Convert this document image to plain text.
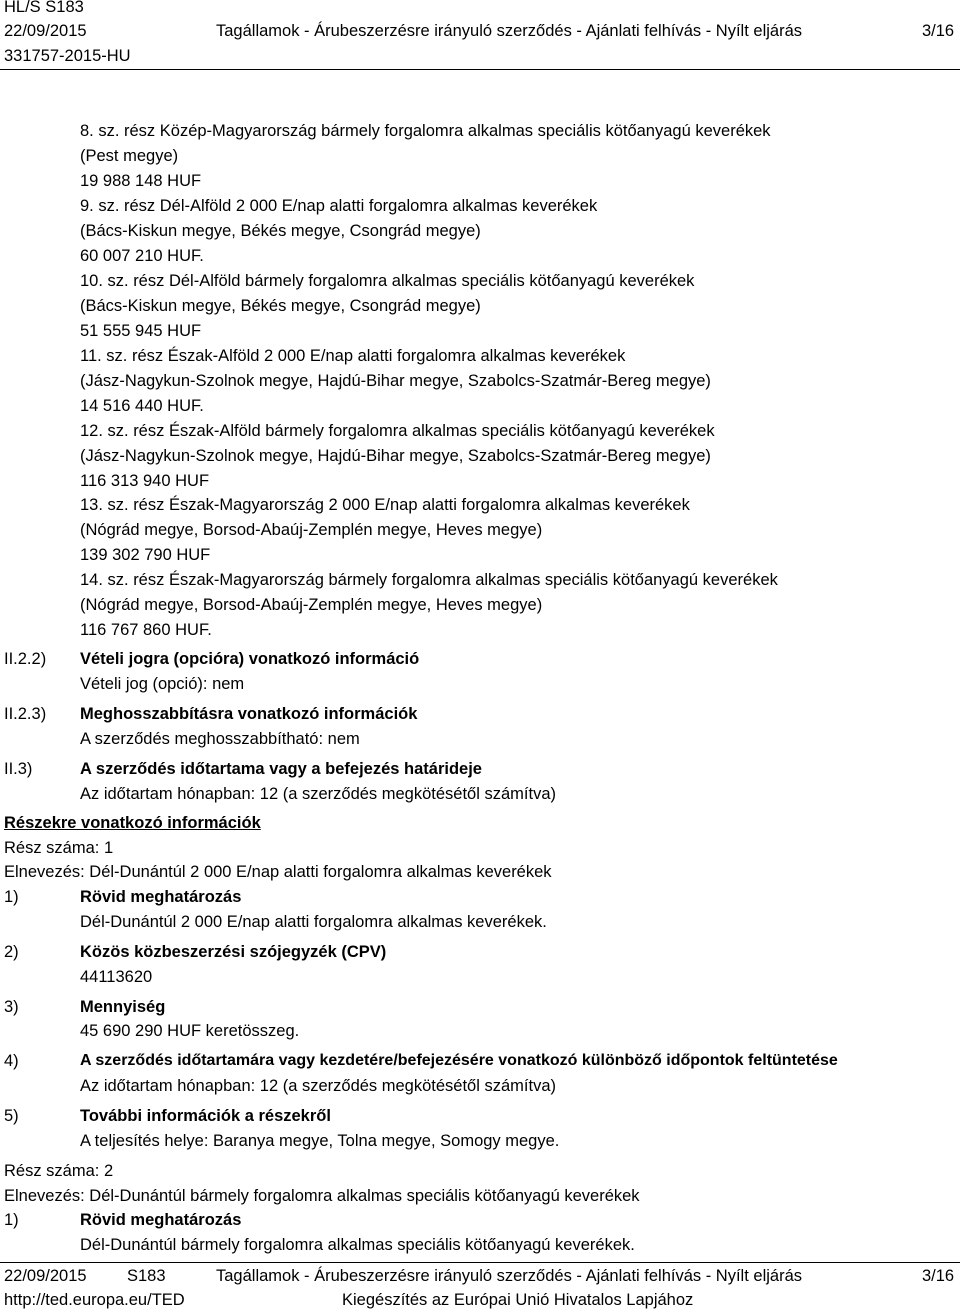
HL/S S183
22/09/2015	Tagállamok - Árubeszerzésre irányuló szerződés - Ajánlati felhívás - Nyílt eljárás	3/16
331757-2015-HU
8. sz. rész Közép-Magyarország bármely forgalomra alkalmas speciális kötőanyagú keverékek
(Pest megye)
19 988 148 HUF
9. sz. rész Dél-Alföld 2 000 E/nap alatti forgalomra alkalmas keverékek
(Bács-Kiskun megye, Békés megye, Csongrád megye)
60 007 210 HUF.
10. sz. rész Dél-Alföld bármely forgalomra alkalmas speciális kötőanyagú keverékek
(Bács-Kiskun megye, Békés megye, Csongrád megye)
51 555 945 HUF
11. sz. rész Észak-Alföld 2 000 E/nap alatti forgalomra alkalmas keverékek
(Jász-Nagykun-Szolnok megye, Hajdú-Bihar megye, Szabolcs-Szatmár-Bereg megye)
14 516 440 HUF.
12. sz. rész Észak-Alföld bármely forgalomra alkalmas speciális kötőanyagú keverékek
(Jász-Nagykun-Szolnok megye, Hajdú-Bihar megye, Szabolcs-Szatmár-Bereg megye)
116 313 940 HUF
13. sz. rész Észak-Magyarország 2 000 E/nap alatti forgalomra alkalmas keverékek
(Nógrád megye, Borsod-Abaúj-Zemplén megye, Heves megye)
139 302 790 HUF
14. sz. rész Észak-Magyarország bármely forgalomra alkalmas speciális kötőanyagú keverékek
(Nógrád megye, Borsod-Abaúj-Zemplén megye, Heves megye)
116 767 860 HUF.
II.2.2) Vételi jogra (opcióra) vonatkozó információ
Vételi jog (opció): nem
II.2.3) Meghosszabbításra vonatkozó információk
A szerződés meghosszabbítható: nem
II.3)	A szerződés időtartama vagy a befejezés határideje
Az időtartam hónapban: 12 (a szerződés megkötésétől számítva)
Részekre vonatkozó információk
Rész száma: 1
Elnevezés: Dél-Dunántúl 2 000 E/nap alatti forgalomra alkalmas keverékek
1)	Rövid meghatározás
Dél-Dunántúl 2 000 E/nap alatti forgalomra alkalmas keverékek.
2)	Közös közbeszerzési szójegyzék (CPV)
44113620
3)	Mennyiség
45 690 290 HUF keretösszeg.
4)	A szerződés időtartamára vagy kezdetére/befejezésére vonatkozó különböző időpontok feltüntetése
Az időtartam hónapban: 12 (a szerződés megkötésétől számítva)
5)	További információk a részekről
A teljesítés helye: Baranya megye, Tolna megye, Somogy megye.
Rész száma: 2
Elnevezés: Dél-Dunántúl bármely forgalomra alkalmas speciális kötőanyagú keverékek
1)	Rövid meghatározás
Dél-Dunántúl bármely forgalomra alkalmas speciális kötőanyagú keverékek.
22/09/2015 S183	Tagállamok - Árubeszerzésre irányuló szerződés - Ajánlati felhívás - Nyílt eljárás	3/16
http://ted.europa.eu/TED	Kiegészítés az Európai Unió Hivatalos Lapjához
